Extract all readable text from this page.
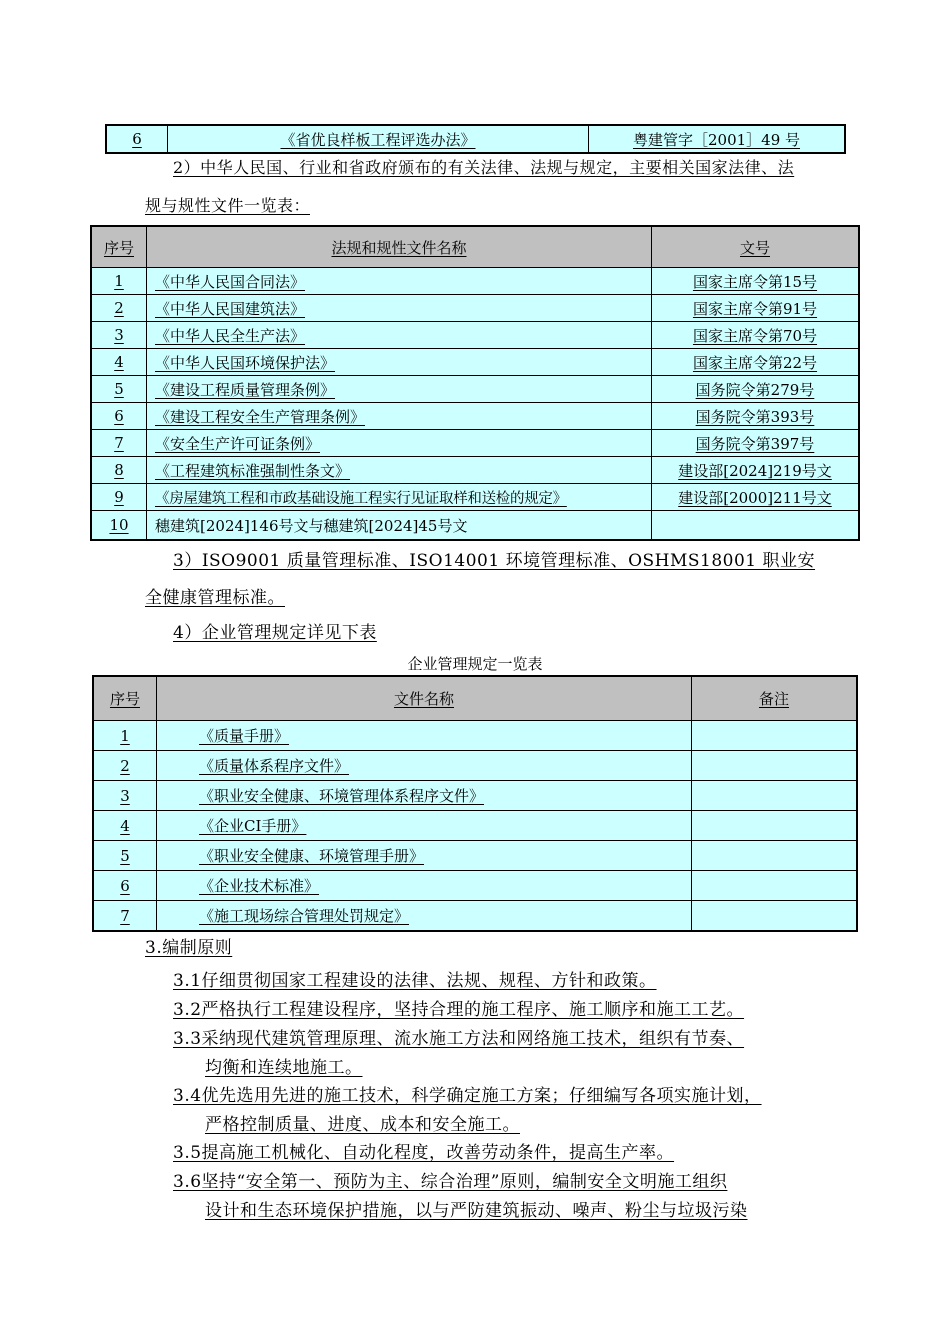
6	《省优良样板工程评选办法》	粤建管字［2001］49 号
2）中华人民国、行业和省政府颁布的有关法律、法规与规定，主要相关国家法律、法
规与规性文件一览表：
序号	法规和规性文件名称	文号
1	《中华人民国合同法》	国家主席令第15号
2	《中华人民国建筑法》	国家主席令第91号
3	《中华人民全生产法》	国家主席令第70号
4	《中华人民国环境保护法》	国家主席令第22号
5	《建设工程质量管理条例》	国务院令第279号
6	《建设工程安全生产管理条例》	国务院令第393号
7	《安全生产许可证条例》	国务院令第397号
8	《工程建筑标准强制性条文》	建设部[2024]219号文
9	《房屋建筑工程和市政基础设施工程实行见证取样和送检的规定》	建设部[2000]211号文
10	穗建筑[2024]146号文与穗建筑[2024]45号文	
3）ISO9001 质量管理标准、ISO14001 环境管理标准、OSHMS18001 职业安
全健康管理标准。
4）企业管理规定详见下表
企业管理规定一览表
序号	文件名称	备注
1	《质量手册》	
2	《质量体系程序文件》	
3	《职业安全健康、环境管理体系程序文件》	
4	《企业CI手册》	
5	《职业安全健康、环境管理手册》	
6	《企业技术标准》	
7	《施工现场综合管理处罚规定》	
3.编制原则
3.1仔细贯彻国家工程建设的法律、法规、规程、方针和政策。
3.2严格执行工程建设程序，坚持合理的施工程序、施工顺序和施工工艺。
3.3采纳现代建筑管理原理、流水施工方法和网络施工技术，组织有节奏、
均衡和连续地施工。
3.4优先选用先进的施工技术，科学确定施工方案；仔细编写各项实施计划，
严格控制质量、进度、成本和安全施工。
3.5提高施工机械化、自动化程度，改善劳动条件，提高生产率。
3.6坚持“安全第一、预防为主、综合治理”原则，编制安全文明施工组织
设计和生态环境保护措施，以与严防建筑振动、噪声、粉尘与垃圾污染
